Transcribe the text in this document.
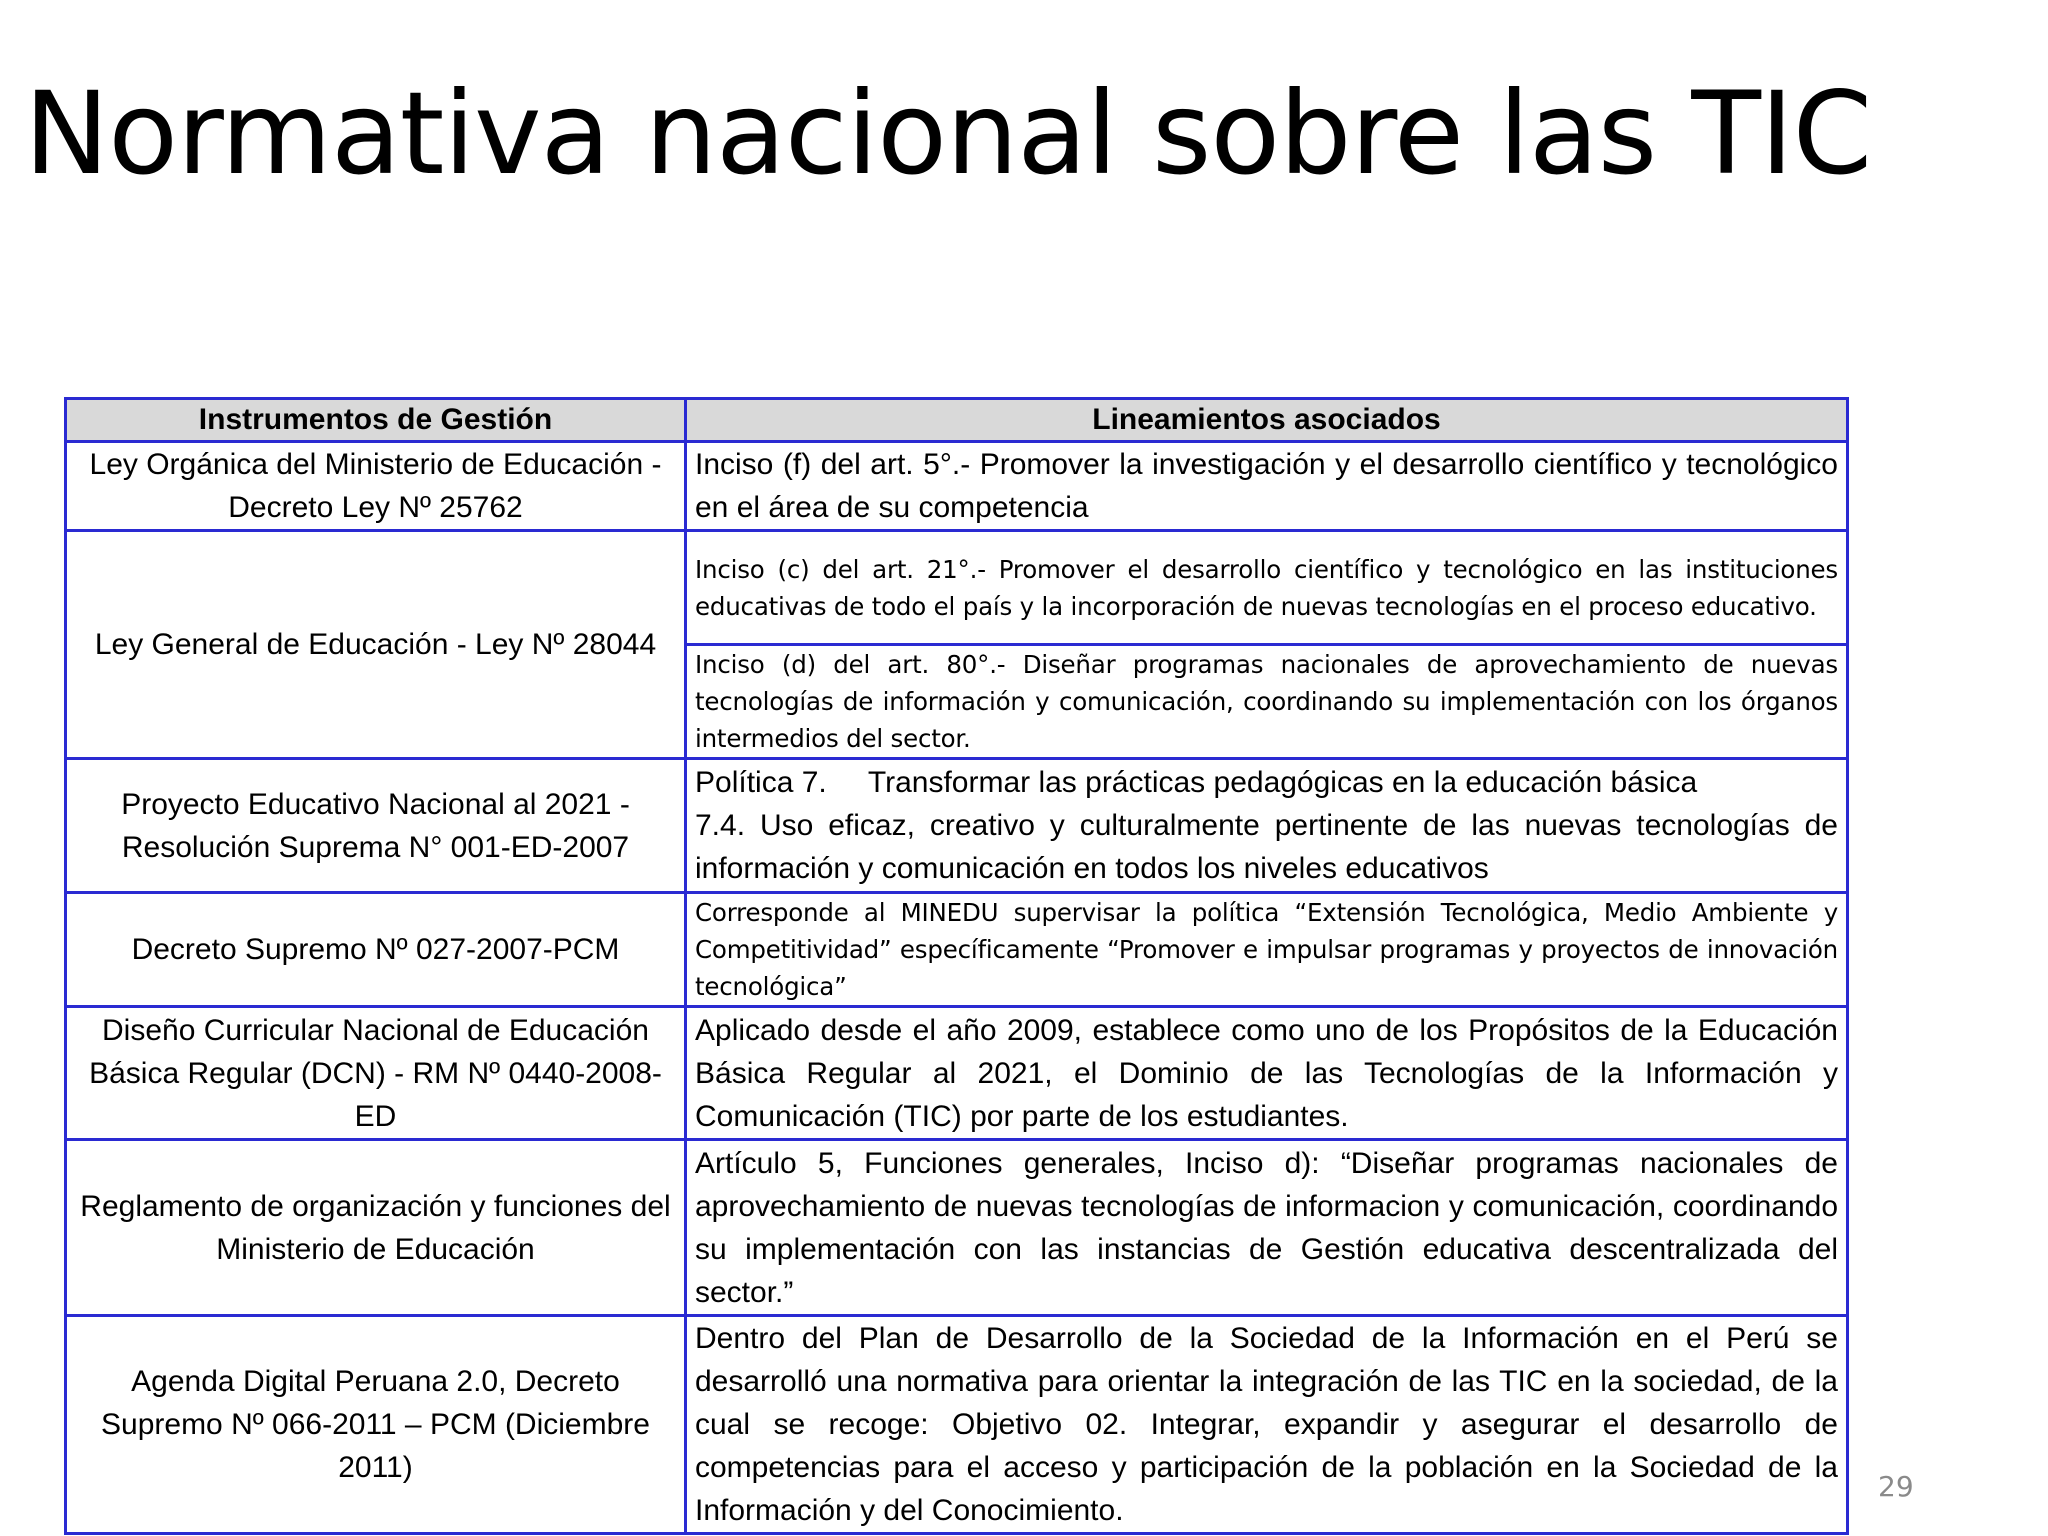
Normativa nacional sobre las TIC
Instrumentos de Gestión	Lineamientos asociados
Ley Orgánica del Ministerio de Educación - Decreto Ley Nº 25762	Inciso (f) del art. 5°.- Promover la investigación y el desarrollo científico y tecnológico en el área de su competencia
Ley General de Educación - Ley Nº 28044	Inciso (c) del art. 21°.- Promover el desarrollo científico y tecnológico en las instituciones educativas de todo el país y la incorporación de nuevas tecnologías en el proceso educativo.
	Inciso (d) del art. 80°.- Diseñar programas nacionales de aprovechamiento de nuevas tecnologías de información y comunicación, coordinando su implementación con los órganos intermedios del sector.
Proyecto Educativo Nacional al 2021 - Resolución Suprema N° 001-ED-2007	Política 7.     Transformar las prácticas pedagógicas en la educación básica
7.4. Uso eficaz, creativo y culturalmente pertinente de las nuevas tecnologías de información y comunicación en todos los niveles educativos

Decreto Supremo Nº 027-2007-PCM	Corresponde al MINEDU supervisar la política “Extensión Tecnológica, Medio Ambiente y Competitividad” específicamente “Promover e impulsar programas y proyectos de innovación tecnológica”
Diseño Curricular Nacional de Educación Básica Regular (DCN) - RM Nº 0440-2008-ED	Aplicado desde el año 2009, establece como uno de los Propósitos de la Educación Básica Regular al 2021, el Dominio de las Tecnologías de la Información y Comunicación (TIC) por parte de los estudiantes.
Reglamento de organización y funciones del Ministerio de Educación	Artículo 5, Funciones generales, Inciso d): “Diseñar programas nacionales de aprovechamiento de nuevas tecnologías de informacion y comunicación, coordinando su implementación con las instancias de Gestión educativa descentralizada del sector.”
Agenda Digital Peruana 2.0, Decreto Supremo Nº 066-2011 – PCM (Diciembre 2011)	Dentro del Plan de Desarrollo de la Sociedad de la Información en el Perú se desarrolló una normativa para orientar la integración de las TIC en la sociedad, de la cual se recoge: Objetivo 02. Integrar, expandir y asegurar el desarrollo de competencias para el acceso y participación de la población en la Sociedad de la Información y del Conocimiento.
29
